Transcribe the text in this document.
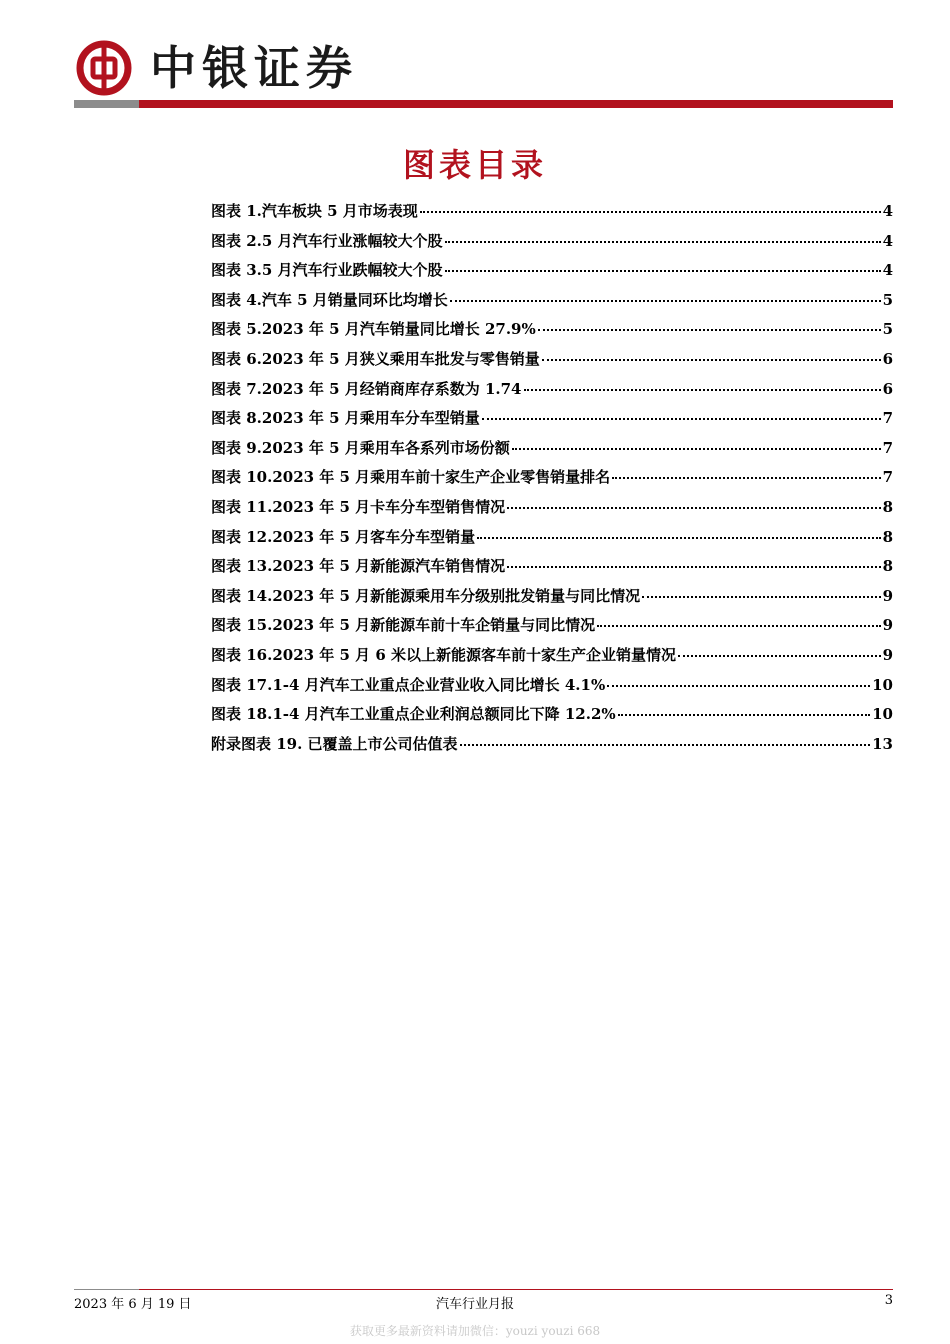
中银证券
图表目录
图表 1.汽车板块 5 月市场表现	4
图表 2.5 月汽车行业涨幅较大个股	4
图表 3.5 月汽车行业跌幅较大个股	4
图表 4.汽车 5 月销量同环比均增长	5
图表 5.2023 年 5 月汽车销量同比增长 27.9%	5
图表 6.2023 年 5 月狭义乘用车批发与零售销量	6
图表 7.2023 年 5 月经销商库存系数为 1.74	6
图表 8.2023 年 5 月乘用车分车型销量	7
图表 9.2023 年 5 月乘用车各系列市场份额	7
图表 10.2023 年 5 月乘用车前十家生产企业零售销量排名	7
图表 11.2023 年 5 月卡车分车型销售情况	8
图表 12.2023 年 5 月客车分车型销量	8
图表 13.2023 年 5 月新能源汽车销售情况	8
图表 14.2023 年 5 月新能源乘用车分级别批发销量与同比情况	9
图表 15.2023 年 5 月新能源车前十车企销量与同比情况	9
图表 16.2023 年 5 月 6 米以上新能源客车前十家生产企业销量情况	9
图表 17.1-4 月汽车工业重点企业营业收入同比增长 4.1%	10
图表 18.1-4 月汽车工业重点企业利润总额同比下降 12.2%	10
附录图表 19. 已覆盖上市公司估值表	13
2023 年 6 月 19 日	汽车行业月报	3
获取更多最新资料请加微信：youzi youzi 668
